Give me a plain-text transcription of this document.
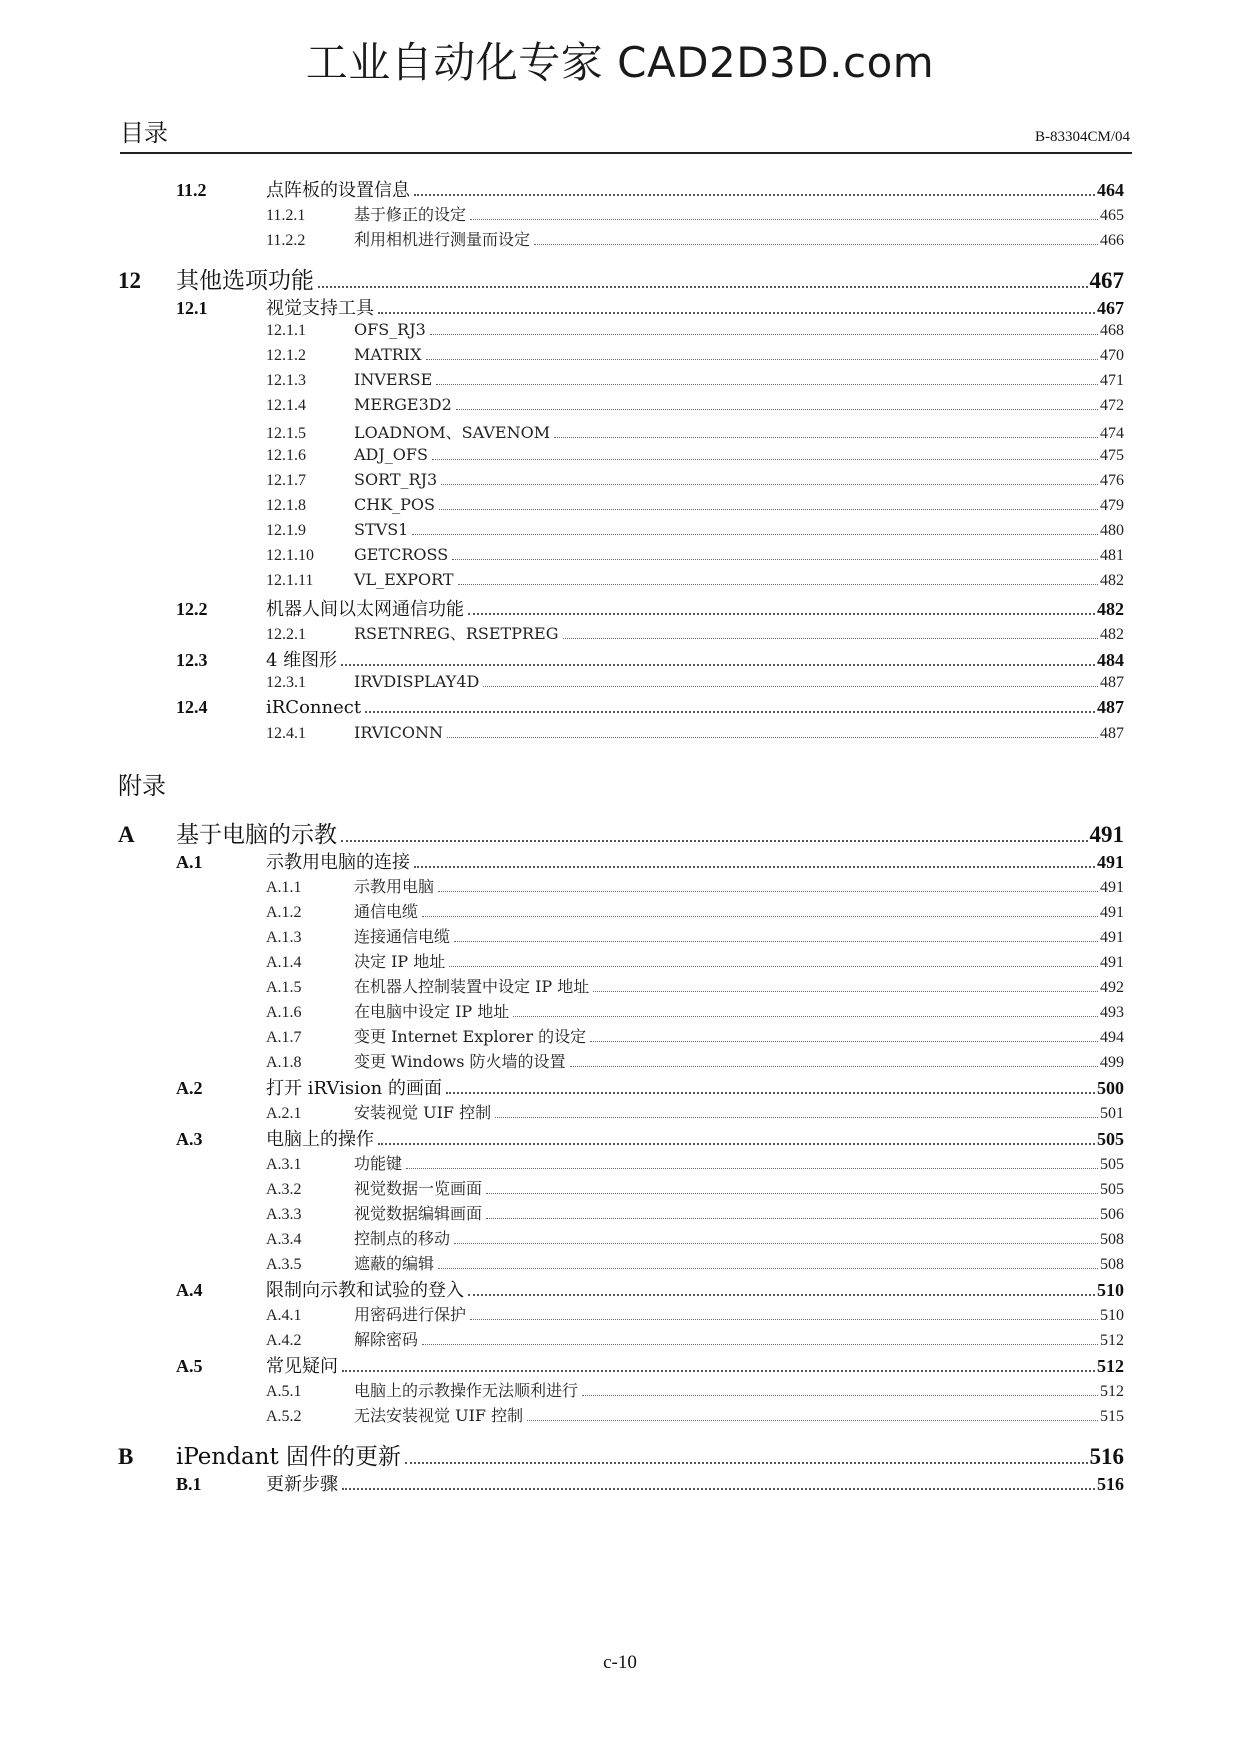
工业自动化专家 CAD2D3D.com
目录	B-83304CM/04
11.2	点阵板的设置信息	464
11.2.1	基于修正的设定	465
11.2.2	利用相机进行测量而设定	466
12	其他选项功能	467
12.1	视觉支持工具	467
12.1.1	OFS_RJ3	468
12.1.2	MATRIX	470
12.1.3	INVERSE	471
12.1.4	MERGE3D2	472
12.1.5	LOADNOM、SAVENOM	474
12.1.6	ADJ_OFS	475
12.1.7	SORT_RJ3	476
12.1.8	CHK_POS	479
12.1.9	STVS1	480
12.1.10	GETCROSS	481
12.1.11	VL_EXPORT	482
12.2	机器人间以太网通信功能	482
12.2.1	RSETNREG、RSETPREG	482
12.3	4 维图形	484
12.3.1	IRVDISPLAY4D	487
12.4	iRConnect	487
12.4.1	IRVICONN	487
附录
A	基于电脑的示教	491
A.1	示教用电脑的连接	491
A.1.1	示教用电脑	491
A.1.2	通信电缆	491
A.1.3	连接通信电缆	491
A.1.4	决定 IP 地址	491
A.1.5	在机器人控制装置中设定 IP 地址	492
A.1.6	在电脑中设定 IP 地址	493
A.1.7	变更 Internet Explorer 的设定	494
A.1.8	变更 Windows 防火墙的设置	499
A.2	打开 iRVision 的画面	500
A.2.1	安装视觉 UIF 控制	501
A.3	电脑上的操作	505
A.3.1	功能键	505
A.3.2	视觉数据一览画面	505
A.3.3	视觉数据编辑画面	506
A.3.4	控制点的移动	508
A.3.5	遮蔽的编辑	508
A.4	限制向示教和试验的登入	510
A.4.1	用密码进行保护	510
A.4.2	解除密码	512
A.5	常见疑问	512
A.5.1	电脑上的示教操作无法顺利进行	512
A.5.2	无法安装视觉 UIF 控制	515
B	iPendant 固件的更新	516
B.1	更新步骤	516
c-10
